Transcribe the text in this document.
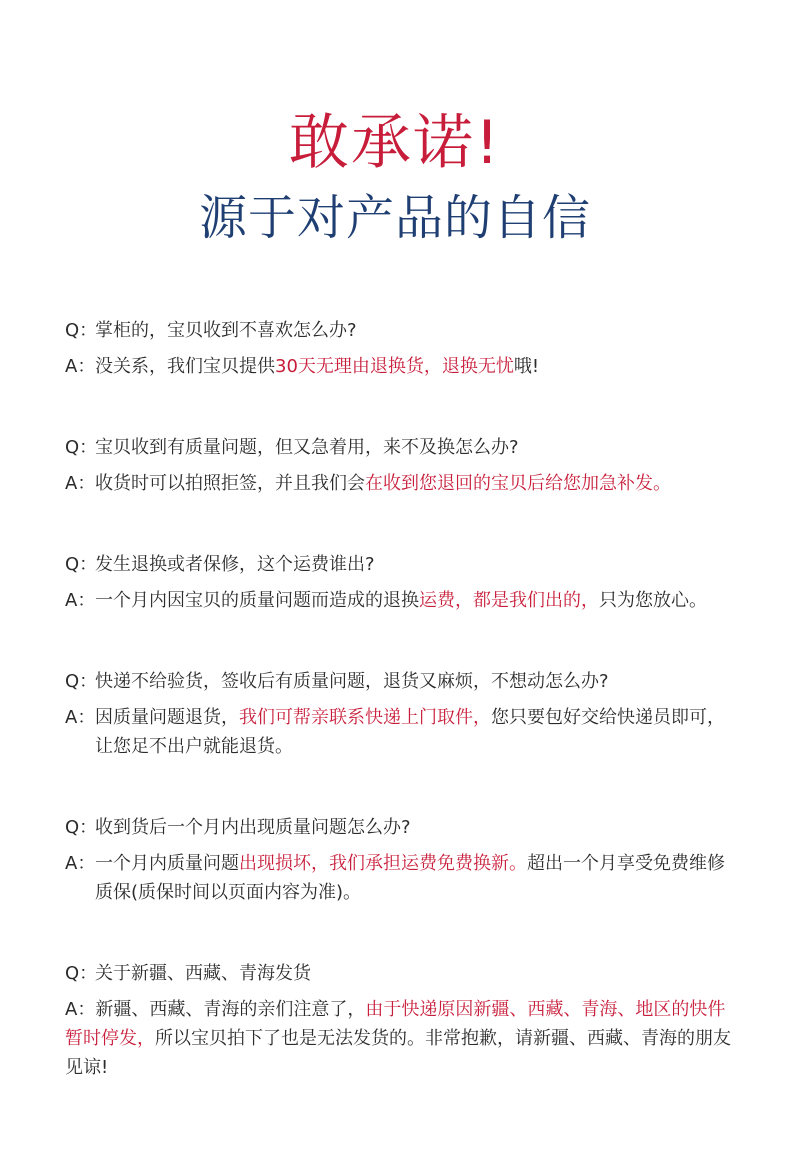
敢承诺!
源于对产品的自信
Q：
掌柜的，宝贝收到不喜欢怎么办?
A： 没关系，我们宝贝提供30天无理由退换货，退换无忧哦!
Q：
宝贝收到有质量问题，但又急着用，来不及换怎么办?
A： 收货时可以拍照拒签，并且我们会在收到您退回的宝贝后给您加急补发。
Q：
发生退换或者保修，这个运费谁出?
A： 一个月内因宝贝的质量问题而造成的退换运费，都是我们出的，只为您放心。
Q：
快递不给验货，签收后有质量问题，退货又麻烦，不想动怎么办?
A： 因质量问题退货，我们可帮亲联系快递上门取件，您只要包好交给快递员即可，让您足不出户就能退货。
Q：
收到货后一个月内出现质量问题怎么办?
A： 一个月内质量问题出现损坏，我们承担运费免费换新。超出一个月享受免费维修质保(质保时间以页面内容为准)。
Q：
关于新疆、西藏、青海发货
A：新疆、西藏、青海的亲们注意了，由于快递原因新疆、西藏、青海、地区的快件暂时停发，所以宝贝拍下了也是无法发货的。非常抱歉，请新疆、西藏、青海的朋友见谅!
